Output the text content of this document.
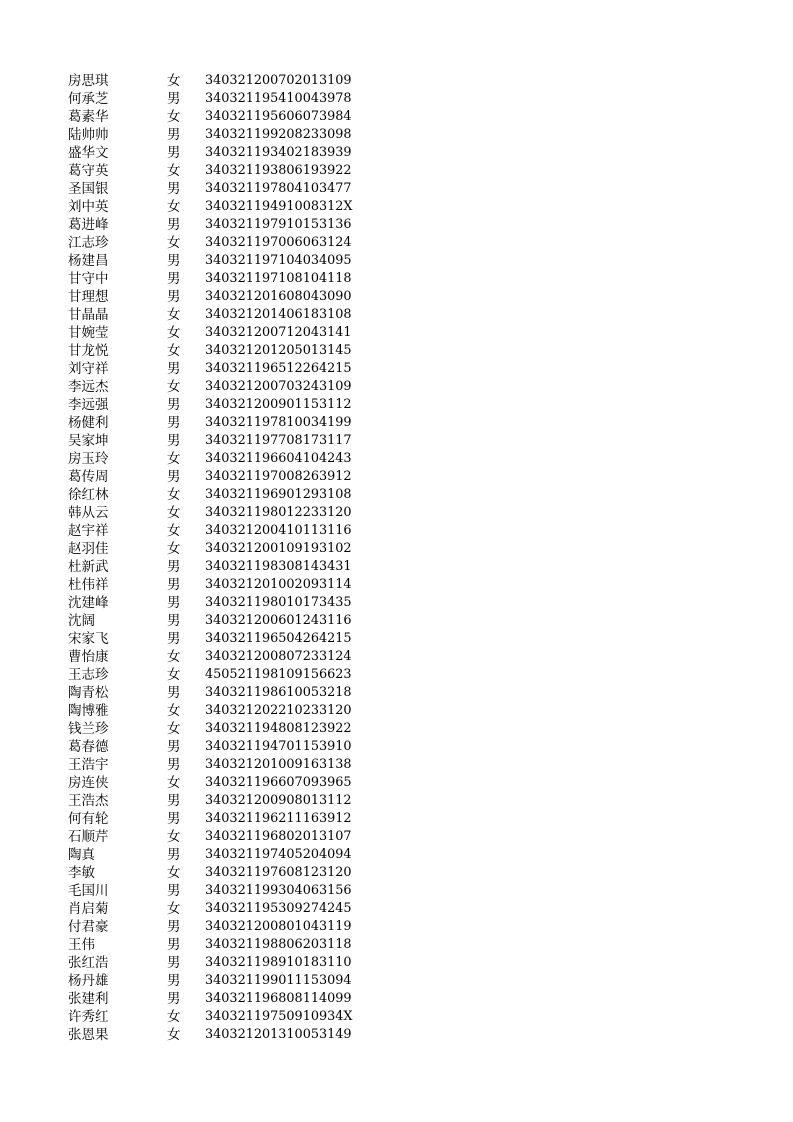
房思琪	女 340321200702013109
何承芝	男 340321195410043978
葛素华	女 340321195606073984
陆帅帅	男 340321199208233098
盛华文	男 340321193402183939
葛守英	女 340321193806193922
圣国银	男 340321197804103477
刘中英	女 34032119491008312X
葛进峰	男 340321197910153136
江志珍	女 340321197006063124
杨建昌	男 340321197104034095
甘守中	男 340321197108104118
甘理想	男 340321201608043090
甘晶晶	女 340321201406183108
甘婉莹	女 340321200712043141
甘龙悦	女 340321201205013145
刘守祥	男 340321196512264215
李远杰	女 340321200703243109
李远强	男 340321200901153112
杨健利	男 340321197810034199
吴家坤	男 340321197708173117
房玉玲	女 340321196604104243
葛传周	男 340321197008263912
徐红林	女 340321196901293108
韩从云	女 340321198012233120
赵宇祥	女 340321200410113116
赵羽佳	女 340321200109193102
杜新武	男 340321198308143431
杜伟祥	男 340321201002093114
沈建峰	男 340321198010173435
沈阔	男 340321200601243116
宋家飞	男 340321196504264215
曹怡康	女 340321200807233124
王志珍	女 450521198109156623
陶青松	男 340321198610053218
陶博雅	女 340321202210233120
钱兰珍	女 340321194808123922
葛春德	男 340321194701153910
王浩宇	男 340321201009163138
房连侠	女 340321196607093965
王浩杰	男 340321200908013112
何有轮	男 340321196211163912
石顺芹	女 340321196802013107
陶真	男 340321197405204094
李敏	女 340321197608123120
毛国川	男 340321199304063156
肖启菊	女 340321195309274245
付君豪	男 340321200801043119
王伟	男 340321198806203118
张红浩	男 340321198910183110
杨丹雄	男 340321199011153094
张建利	男 340321196808114099
许秀红	女 34032119750910934X
张恩果	女 340321201310053149
